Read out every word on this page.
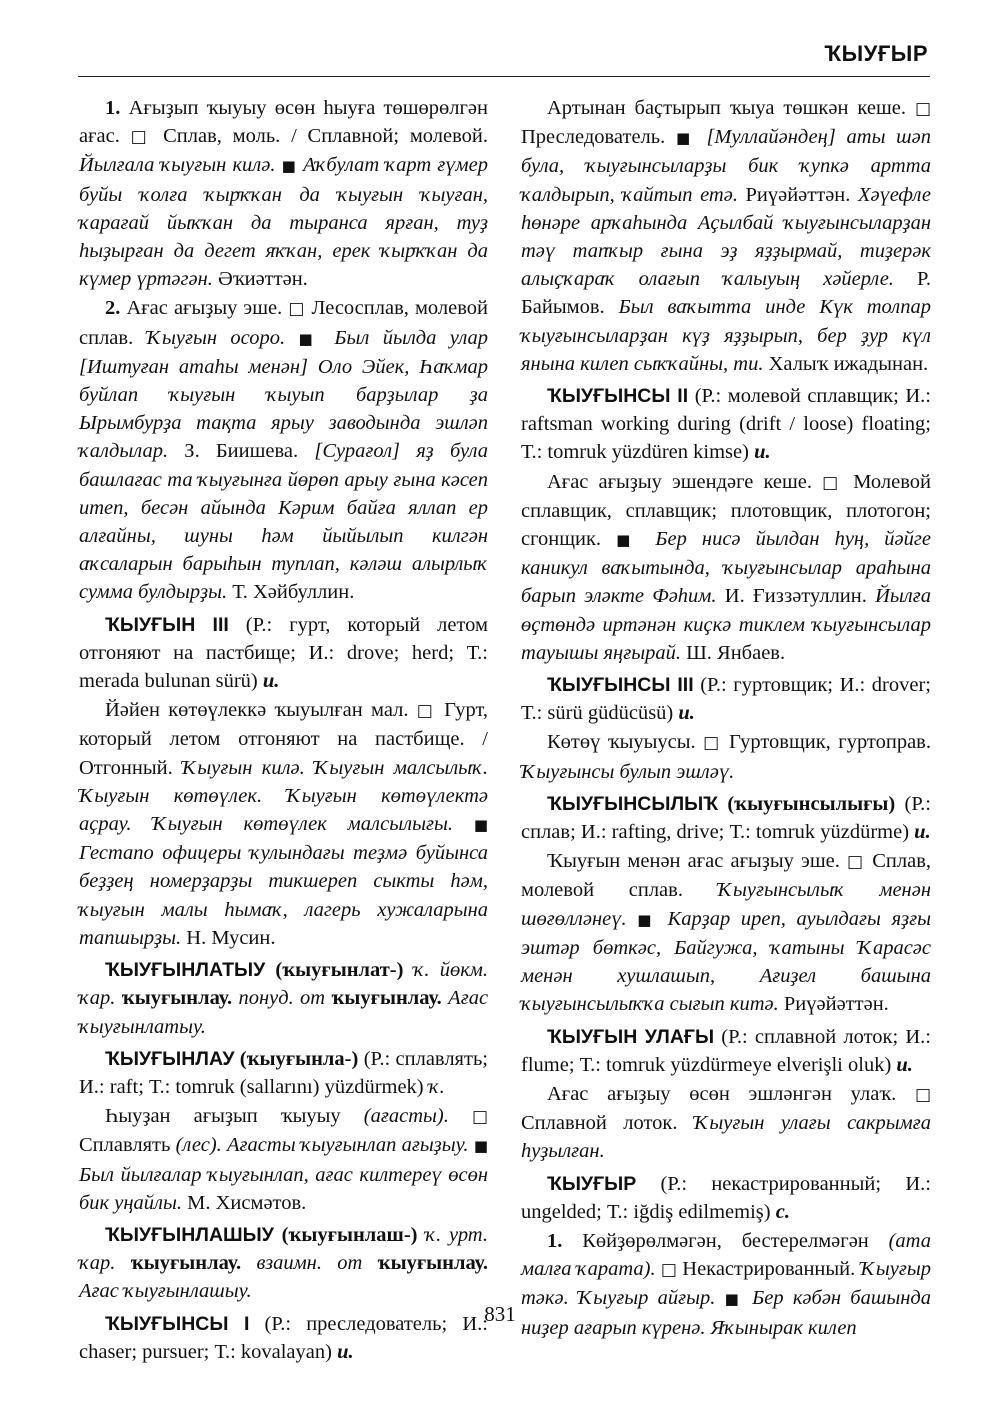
ҠЫУҒЫР

1. Ағыҙып ҡыуыу өсөн һыуға төшөрөлгән ағас. □ Сплав, моль. / Сплавной; молевой. Йылғала ҡыуғын килә. ■ Аҡбулат ҡарт ғүмер буйы ҡолға ҡырҡҡан да ҡыуғын ҡыуған, ҡарағай йыҡҡан да тыранса ярған, туҙ һыҙырған да дегет яҡҡан, ерек ҡырҡҡан да күмер үртәгән. Әҡиәттән.

2. Ағас ағыҙыу эше. □ Лесосплав, молевой сплав. Ҡыуғын осоро. ■ Был йылда улар [Иштуған атаһы менән] Оло Эйек, Һаҡмар буйлап ҡыуғын ҡыуып барҙылар ҙа Ырымбурҙа тақта ярыу заводында эшләп ҡалдылар. З. Биишева. [Сурағол] яҙ була башлағас та ҡыуғынға йөрөп арыу ғына кәсеп итеп, бесән айында Кәрим байға яллап ер алғайны, шуны һәм йыйылып килгән аҡсаларын барыһын туплап, кәләш алырлыҡ сумма булдырҙы. Т. Хәйбуллин.

ҠЫУҒЫН III (Р.: гурт, который летом отгоняют на пастбище; И.: drove; herd; Т.: merada bulunan sürü) и.

Йәйен көтөүлеккә ҡыуылған мал. □ Гурт, который летом отгоняют на пастбище. / Отгонный. Ҡыуғын килә. Ҡыуғын малсылыҡ. Ҡыуғын көтөүлек. Ҡыуғын көтөүлектә аҫрау. Ҡыуғын көтөүлек малсылығы. ■ Гестапо офицеры ҡулындағы теҙмә буйынса беҙҙең номерҙарҙы тикшереп сыкты һәм, ҡыуғын малы һымаҡ, лагерь хужаларына тапшырҙы. Н. Мусин.

ҠЫУҒЫНЛАТЫУ (ҡыуғынлат-) ҡ. йөкм. ҡар. ҡыуғынлау. понуд. от ҡыуғынлау. Ағас ҡыуғынлатыу.

ҠЫУҒЫНЛАУ (ҡыуғынла-) (Р.: сплавлять; И.: raft; Т.: tomruk (sallarını) yüzdürmek) ҡ.

Һыуҙан ағыҙып ҡыуыу (ағасты). □ Сплавлять (лес). Ағасты ҡыуғынлап ағыҙыу. ■ Был йылғалар ҡыуғынлап, ағас килтереү өсөн бик уңайлы. М. Хисмәтов.

ҠЫУҒЫНЛАШЫУ (ҡыуғынлаш-) ҡ. урт. ҡар. ҡыуғынлау. взаимн. от ҡыуғынлау. Ағас ҡыуғынлашыу.

ҠЫУҒЫНСЫ I (Р.: преследователь; И.: chaser; pursuer; Т.: kovalayan) и.

Артынан баҫтырып ҡыуа төшкән кеше. □ Преследователь. ■ [Муллайәндең] аты шәп була, ҡыуғынсыларҙы бик ҡупкә артта ҡалдырып, ҡайтып етә. Риүәйәттән. Хәүефле һөнәре арҡаһында Аҫылбай ҡыуғынсыларҙан тәү тапҡыр ғына эҙ яҙҙырмай, тиҙерәк алыҫҡараҡ олағып ҡалыуың хәйерле. Р. Байымов. Был ваҡытта инде Күк толпар ҡыуғынсыларҙан күҙ яҙҙырып, бер ҙур күл янына килеп сыҡҡайны, ти. Халыҡ ижадынан.

ҠЫУҒЫНСЫ II (Р.: молевой сплавщик; И.: raftsman working during (drift / loose) floating; Т.: tomruk yüzdüren kimse) и.

Ағас ағыҙыу эшендәге кеше. □ Молевой сплавщик, сплавщик; плотовщик, плотогон; сгонщик. ■ Бер нисә йылдан һуң, йәйге каникул ваҡытында, ҡыуғынсылар араһына барып эләкте Фәһим. И. Ғиззәтуллин. Йылға өҫтөндә иртәнән киҫкә тиклем ҡыуғынсылар тауышы яңғырай. Ш. Янбаев.

ҠЫУҒЫНСЫ III (Р.: гуртовщик; И.: drover; Т.: sürü güdücüsü) и.

Көтөү ҡыуыусы. □ Гуртовщик, гуртоправ. Ҡыуғынсы булып эшләү.

ҠЫУҒЫНСЫЛЫҠ (ҡыуғынсылығы) (Р.: сплав; И.: rafting, drive; Т.: tomruk yüzdürme) и.

Ҡыуғын менән ағас ағыҙыу эше. □ Сплав, молевой сплав. Ҡыуғынсылыҡ менән шөғөлләнеү. ■ Карҙар иреп, ауылдағы яҙғы эштәр бөткәс, Байгужа, ҡатыны Ҡарасәс менән хушлашып, Ағиҙел башына ҡыуғынсылыҡҡа сығып китә. Риүәйәттән.

ҠЫУҒЫН УЛАҒЫ (Р.: сплавной лоток; И.: flume; Т.: tomruk yüzdürmeye elverişli oluk) и.

Ағас ағыҙыу өсөн эшләнгән улаҡ. □ Сплавной лоток. Ҡыуғын улағы сакрымға һуҙылған.

ҠЫУҒЫР (Р.: некастрированный; И.: ungelded; Т.: iğdiş edilmemiş) с.

1. Көйҙөрөлмәгән, бестерелмәгән (ата малға ҡарата). □ Некастрированный. Ҡыуғыр тәкә. Ҡыуғыр айғыр. ■ Бер кәбән башында ниҙер ағарып күренә. Яҡынырак килеп

831
